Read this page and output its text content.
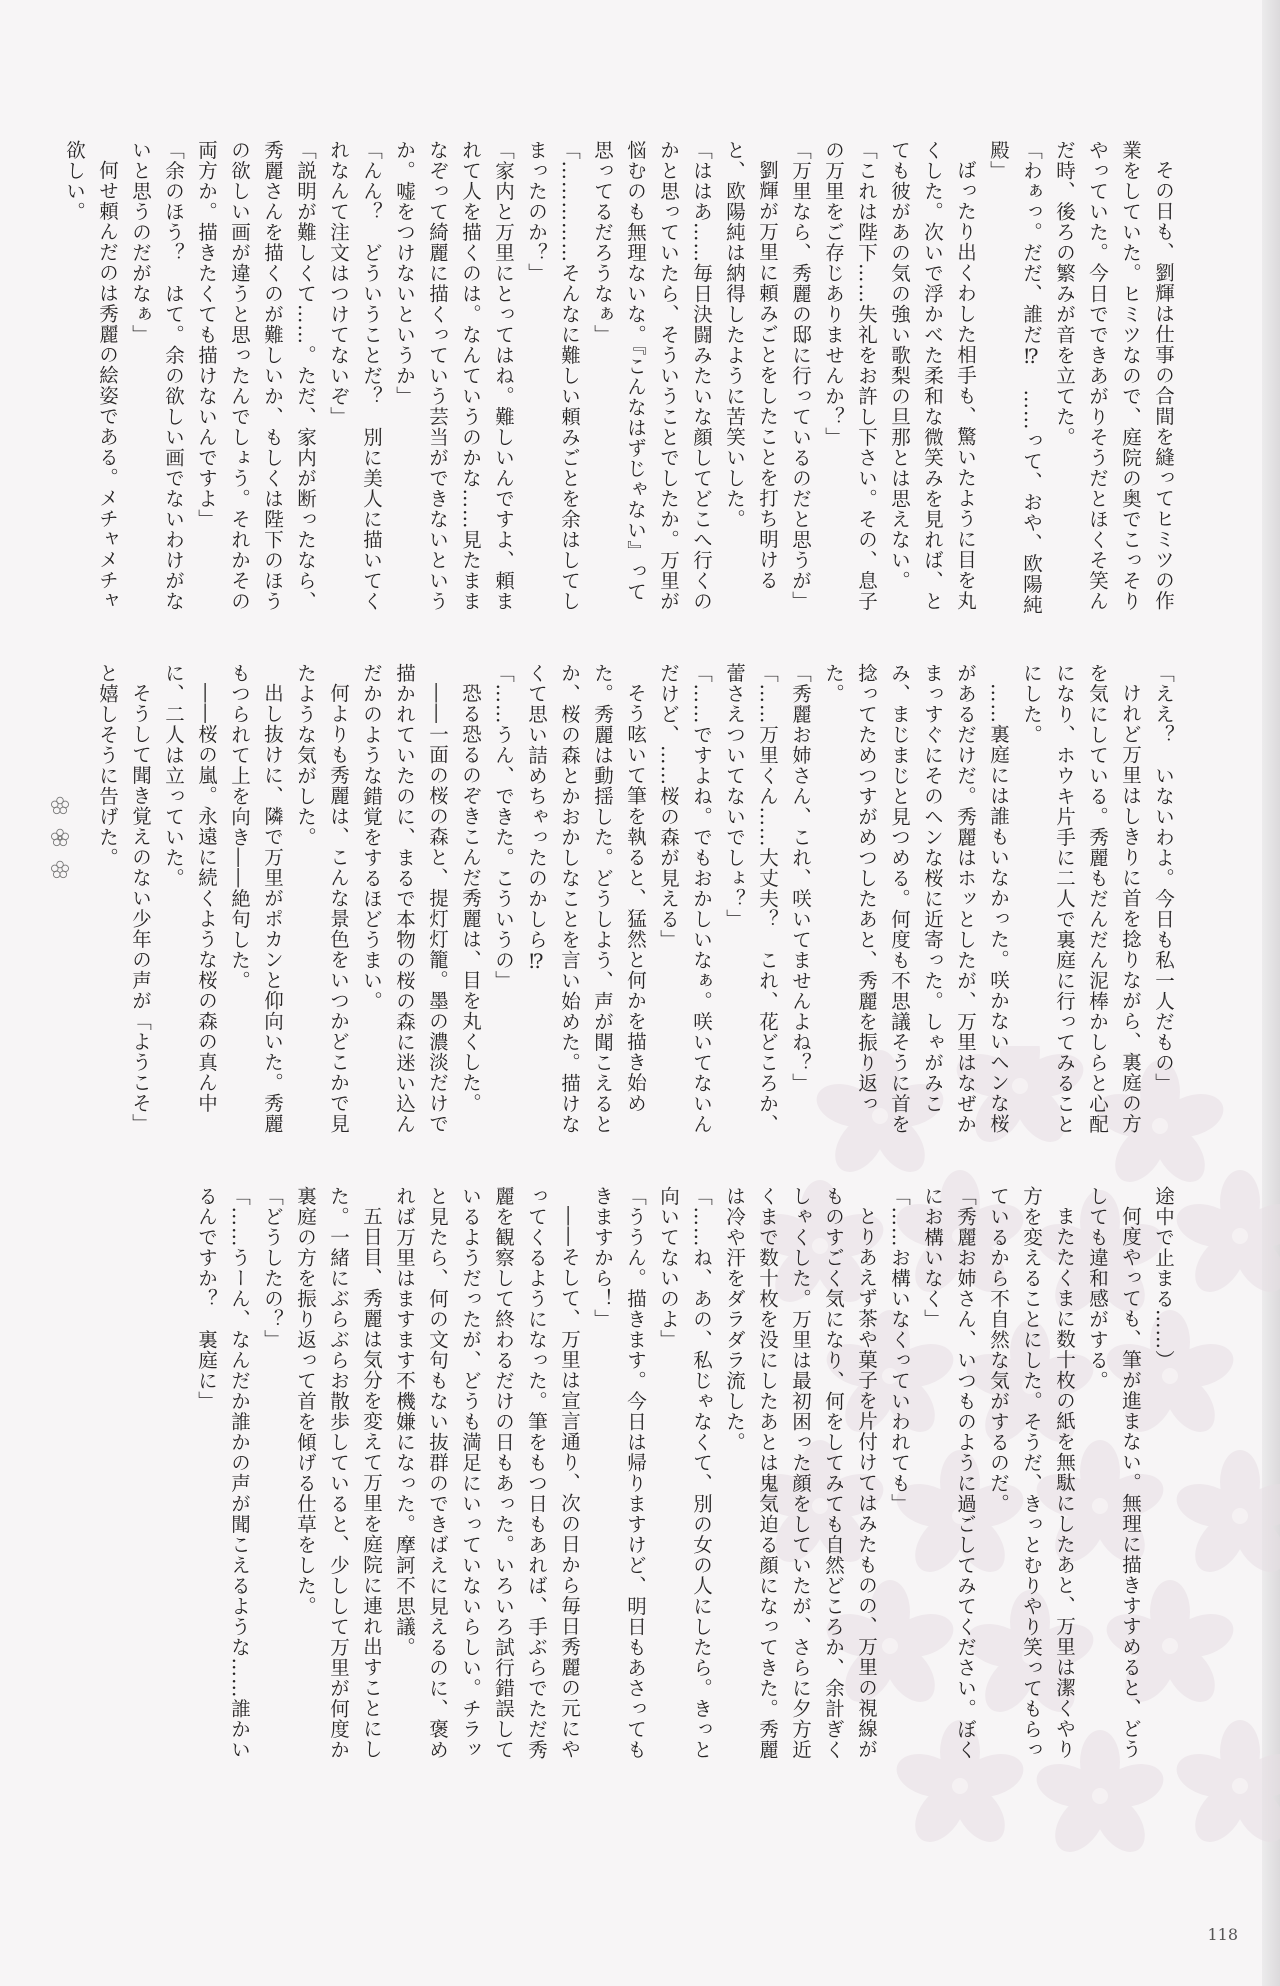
その日も、劉輝は仕事の合間を縫ってヒミツの作業をしていた。ヒミツなので、庭院の奥でこっそりやっていた。今日でできあがりそうだとほくそ笑んだ時、後ろの繁みが音を立てた。

「わぁっ。だだ、誰だ⁉　……って、おや、欧陽純殿」

ばったり出くわした相手も、驚いたように目を丸くした。次いで浮かべた柔和な微笑みを見れば、とても彼があの気の強い歌梨の旦那とは思えない。

「これは陛下……失礼をお許し下さい。その、息子の万里をご存じありませんか？」

「万里なら、秀麗の邸に行っているのだと思うが」

劉輝が万里に頼みごとをしたことを打ち明けると、欧陽純は納得したように苦笑いした。

「ははあ……毎日決闘みたいな顔してどこへ行くのかと思っていたら、そういうことでしたか。万里が悩むのも無理ないな。『こんなはずじゃない』って思ってるだろうなぁ」

「……………そんなに難しい頼みごとを余はしてしまったのか？」

「家内と万里にとってはね。難しいんですよ、頼まれて人を描くのは。なんていうのかな……見たままなぞって綺麗に描くっていう芸当ができないというか。嘘をつけないというか」

「んん？　どういうことだ？　別に美人に描いてくれなんて注文はつけてないぞ」

「説明が難しくて……。ただ、家内が断ったなら、秀麗さんを描くのが難しいか、もしくは陛下のほうの欲しい画が違うと思ったんでしょう。それかその両方か。描きたくても描けないんですよ」

「余のほう？　はて。余の欲しい画でないわけがないと思うのだがなぁ」

何せ頼んだのは秀麗の絵姿である。メチャメチャ欲しい。

「ええ？　いないわよ。今日も私一人だもの」

けれど万里はしきりに首を捻りながら、裏庭の方を気にしている。秀麗もだんだん泥棒かしらと心配になり、ホウキ片手に二人で裏庭に行ってみることにした。

……裏庭には誰もいなかった。咲かないヘンな桜があるだけだ。秀麗はホッとしたが、万里はなぜかまっすぐにそのヘンな桜に近寄った。しゃがみこみ、まじまじと見つめる。何度も不思議そうに首を捻ってためつすがめつしたあと、秀麗を振り返った。

「秀麗お姉さん、これ、咲いてませんよね？」

「……万里くん……大丈夫？　これ、花どころか、蕾さえついてないでしょ？」

「……ですよね。でもおかしいなぁ。咲いてないんだけど、……桜の森が見える」

そう呟いて筆を執ると、猛然と何かを描き始めた。秀麗は動揺した。どうしよう、声が聞こえるとか、桜の森とかおかしなことを言い始めた。描けなくて思い詰めちゃったのかしら⁉

「……うん、できた。こういうの」

恐る恐るのぞきこんだ秀麗は、目を丸くした。

――一面の桜の森と、提灯灯籠。墨の濃淡だけで描かれていたのに、まるで本物の桜の森に迷い込んだかのような錯覚をするほどうまい。

何よりも秀麗は、こんな景色をいつかどこかで見たような気がした。

出し抜けに、隣で万里がポカンと仰向いた。秀麗もつられて上を向き――絶句した。

――桜の嵐。永遠に続くような桜の森の真ん中に、二人は立っていた。

そうして聞き覚えのない少年の声が「ようこそ」と嬉しそうに告げた。

途中で止まる……）

何度やっても、筆が進まない。無理に描きすすめると、どうしても違和感がする。

またたくまに数十枚の紙を無駄にしたあと、万里は潔くやり方を変えることにした。そうだ、きっとむりやり笑ってもらっているから不自然な気がするのだ。

「秀麗お姉さん、いつものように過ごしてみてください。ぼくにお構いなく」

「……お構いなくっていわれても」

とりあえず茶や菓子を片付けてはみたものの、万里の視線がものすごく気になり、何をしてみても自然どころか、余計ぎくしゃくした。万里は最初困った顔をしていたが、さらに夕方近くまで数十枚を没にしたあとは鬼気迫る顔になってきた。秀麗は冷や汗をダラダラ流した。

「……ね、あの、私じゃなくて、別の女の人にしたら。きっと向いてないのよ」

「ううん。描きます。今日は帰りますけど、明日もあさってもきますから！」

――そして、万里は宣言通り、次の日から毎日秀麗の元にやってくるようになった。筆をもつ日もあれば、手ぶらでただ秀麗を観察して終わるだけの日もあった。いろいろ試行錯誤しているようだったが、どうも満足にいっていないらしい。チラッと見たら、何の文句もない抜群のできばえに見えるのに、褒めれば万里はますます不機嫌になった。摩訶不思議。

五日目、秀麗は気分を変えて万里を庭院に連れ出すことにした。一緒にぶらぶらお散歩していると、少しして万里が何度か裏庭の方を振り返って首を傾げる仕草をした。

「どうしたの？」

「……うーん、なんだか誰かの声が聞こえるような……誰かいるんですか？　裏庭に」

118
